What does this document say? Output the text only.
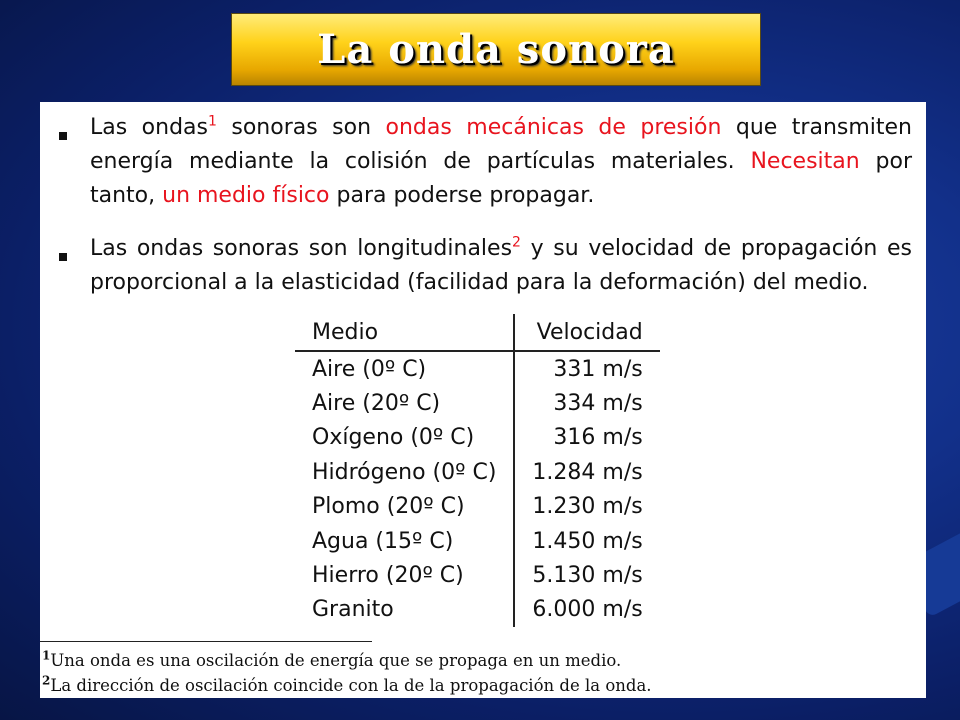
La onda sonora
Las ondas$^1$ sonoras son ondas mecánicas de presión que transmiten energía mediante la colisión de partículas materiales. Necesitan por tanto, un medio físico para poderse propagar.
Las ondas sonoras son longitudinales$^2$ y su velocidad de propagación es proporcional a la elasticidad (facilidad para la deformación) del medio.
Medio	Velocidad
Aire (0º C)	331 m/s
Aire (20º C)	334 m/s
Oxígeno (0º C)	316 m/s
Hidrógeno (0º C)	1.284 m/s
Plomo (20º C)	1.230 m/s
Agua (15º C)	1.450 m/s
Hierro (20º C)	5.130 m/s
Granito	6.000 m/s
$^1$Una onda es una oscilación de energía que se propaga en un medio.
$^2$La dirección de oscilación coincide con la de la propagación de la onda.
